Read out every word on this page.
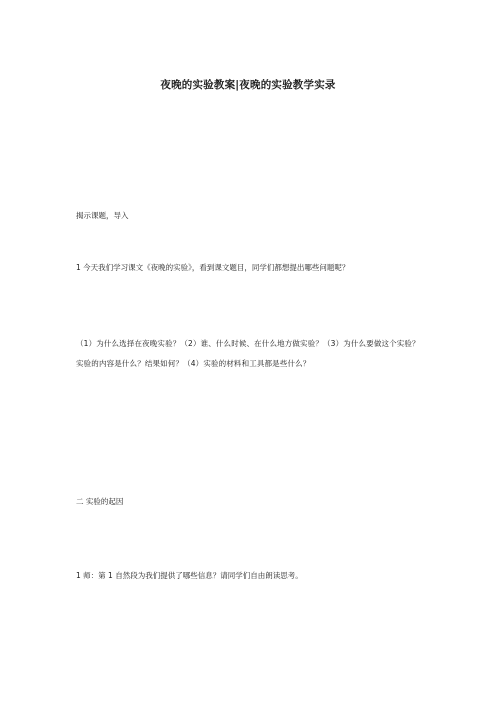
夜晚的实验教案|夜晚的实验教学实录
揭示课题，导入
1 今天我们学习课文《夜晚的实验》，看到课文题目，同学们都想提出哪些问题呢？
（1）为什么选择在夜晚实验？（2）谁、什么时候、在什么地方做实验？（3）为什么要做这个实验？实验的内容是什么？结果如何？（4）实验的材料和工具都是些什么？
二 实验的起因
1 师：第 1 自然段为我们提供了哪些信息？请同学们自由朗读思考。
